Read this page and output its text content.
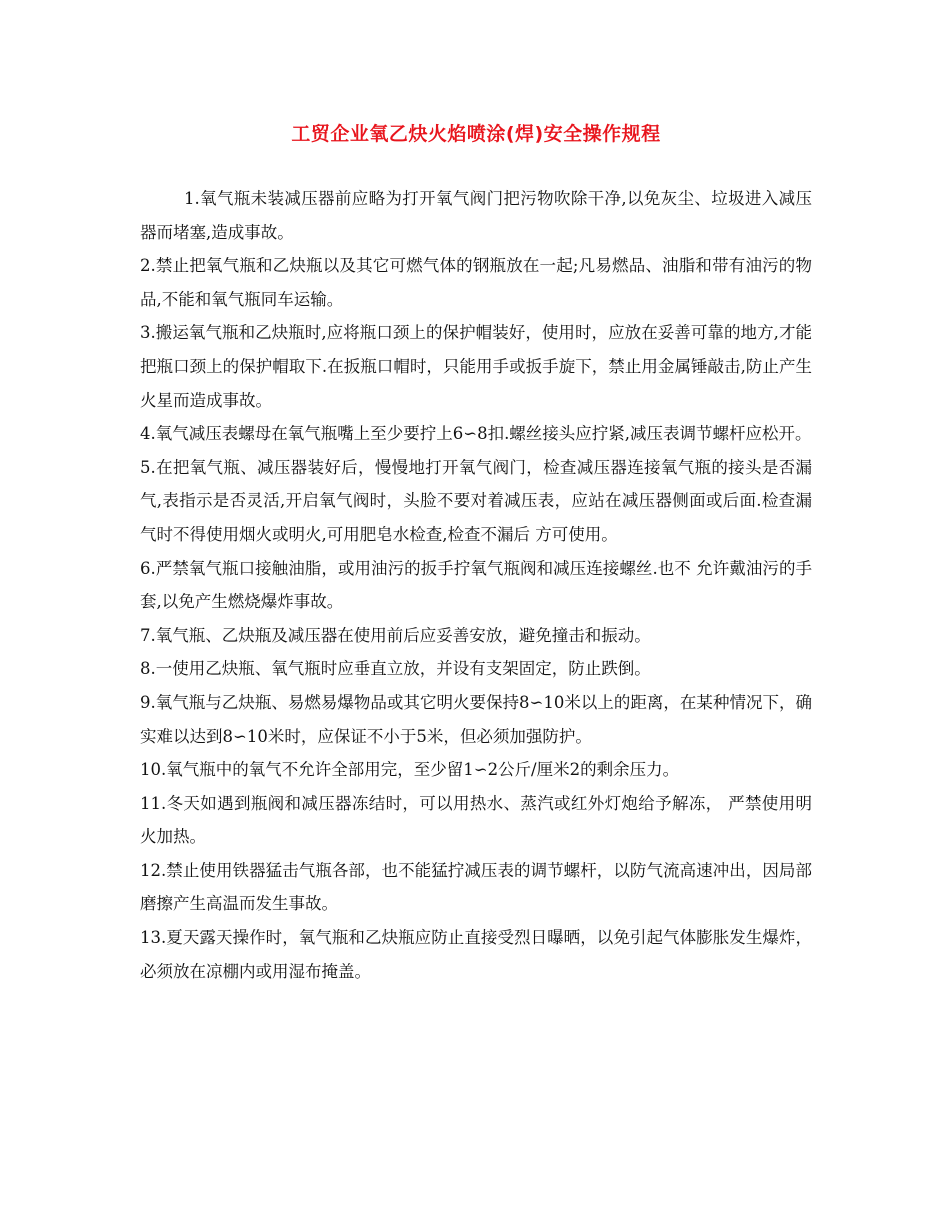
工贸企业氧乙炔火焰喷涂(焊)安全操作规程

1.氧气瓶未装减压器前应略为打开氧气阀门把污物吹除干净,以免灰尘、垃圾进入减压器而堵塞,造成事故。

2.禁止把氧气瓶和乙炔瓶以及其它可燃气体的钢瓶放在一起;凡易燃品、油脂和带有油污的物品,不能和氧气瓶同车运输。

3.搬运氧气瓶和乙炔瓶时,应将瓶口颈上的保护帽装好，使用时，应放在妥善可靠的地方,才能把瓶口颈上的保护帽取下.在扳瓶口帽时，只能用手或扳手旋下，禁止用金属锤敲击,防止产生火星而造成事故。

4.氧气减压表螺母在氧气瓶嘴上至少要拧上6∽8扣.螺丝接头应拧紧,减压表调节螺杆应松开。

5.在把氧气瓶、减压器装好后，慢慢地打开氧气阀门，检查减压器连接氧气瓶的接头是否漏气,表指示是否灵活,开启氧气阀时，头脸不要对着减压表，应站在减压器侧面或后面.检查漏气时不得使用烟火或明火,可用肥皂水检查,检查不漏后 方可使用。

6.严禁氧气瓶口接触油脂，或用油污的扳手拧氧气瓶阀和减压连接螺丝.也不 允许戴油污的手套,以免产生燃烧爆炸事故。

7.氧气瓶、乙炔瓶及减压器在使用前后应妥善安放，避免撞击和振动。

8.一使用乙炔瓶、氧气瓶时应垂直立放，并设有支架固定，防止跌倒。

9.氧气瓶与乙炔瓶、易燃易爆物品或其它明火要保持8∽10米以上的距离，在某种情况下，确实难以达到8∽10米时，应保证不小于5米，但必须加强防护。

10.氧气瓶中的氧气不允许全部用完，至少留1∽2公斤/厘米2的剩余压力。

11.冬天如遇到瓶阀和减压器冻结时，可以用热水、蒸汽或红外灯炮给予解冻， 严禁使用明火加热。

12.禁止使用铁器猛击气瓶各部，也不能猛拧减压表的调节螺杆，以防气流高速冲出，因局部磨擦产生高温而发生事故。

13.夏天露天操作时，氧气瓶和乙炔瓶应防止直接受烈日曝晒，以免引起气体膨胀发生爆炸，必须放在凉棚内或用湿布掩盖。
